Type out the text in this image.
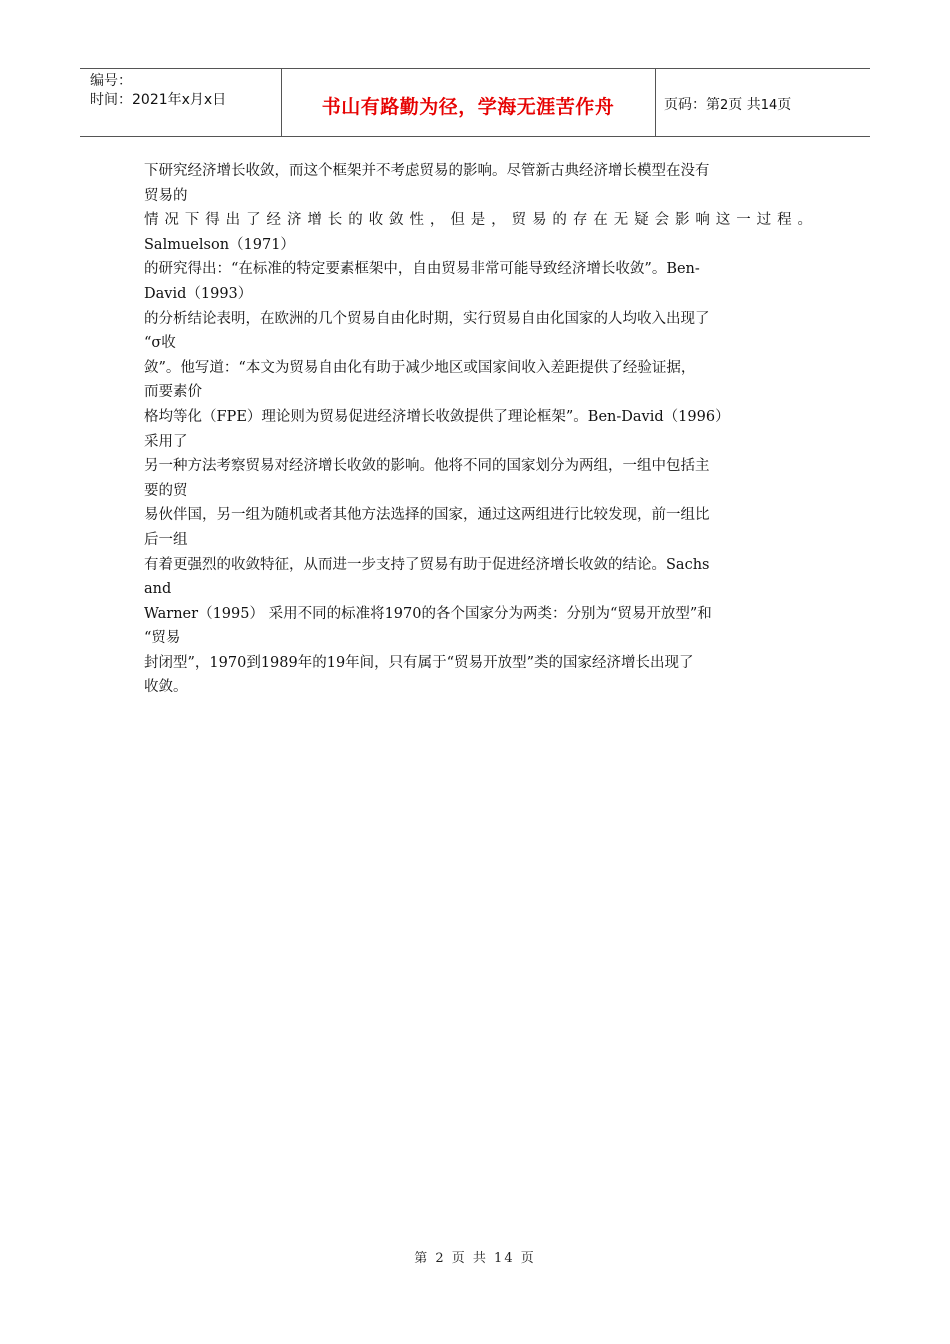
编号：
时间：2021年x月x日	书山有路勤为径，学海无涯苦作舟	页码：第2页 共14页
下研究经济增长收敛，而这个框架并不考虑贸易的影响。尽管新古典经济增长模型在没有
贸易的
情况下得出了经济增长的收敛性，但是，贸易的存在无疑会影响这一过程。
Salmuelson（1971）
的研究得出：“在标准的特定要素框架中，自由贸易非常可能导致经济增长收敛”。Ben-
David（1993）
的分析结论表明，在欧洲的几个贸易自由化时期，实行贸易自由化国家的人均收入出现了
“σ收
敛”。他写道：“本文为贸易自由化有助于减少地区或国家间收入差距提供了经验证据，
而要素价
格均等化（FPE）理论则为贸易促进经济增长收敛提供了理论框架”。Ben-David（1996）
采用了
另一种方法考察贸易对经济增长收敛的影响。他将不同的国家划分为两组，一组中包括主
要的贸
易伙伴国，另一组为随机或者其他方法选择的国家，通过这两组进行比较发现，前一组比
后一组
有着更强烈的收敛特征，从而进一步支持了贸易有助于促进经济增长收敛的结论。Sachs
and
Warner（1995） 采用不同的标准将1970的各个国家分为两类：分别为“贸易开放型”和
“贸易
封闭型”，1970到1989年的19年间，只有属于“贸易开放型”类的国家经济增长出现了
收敛。
第 2 页 共 14 页
